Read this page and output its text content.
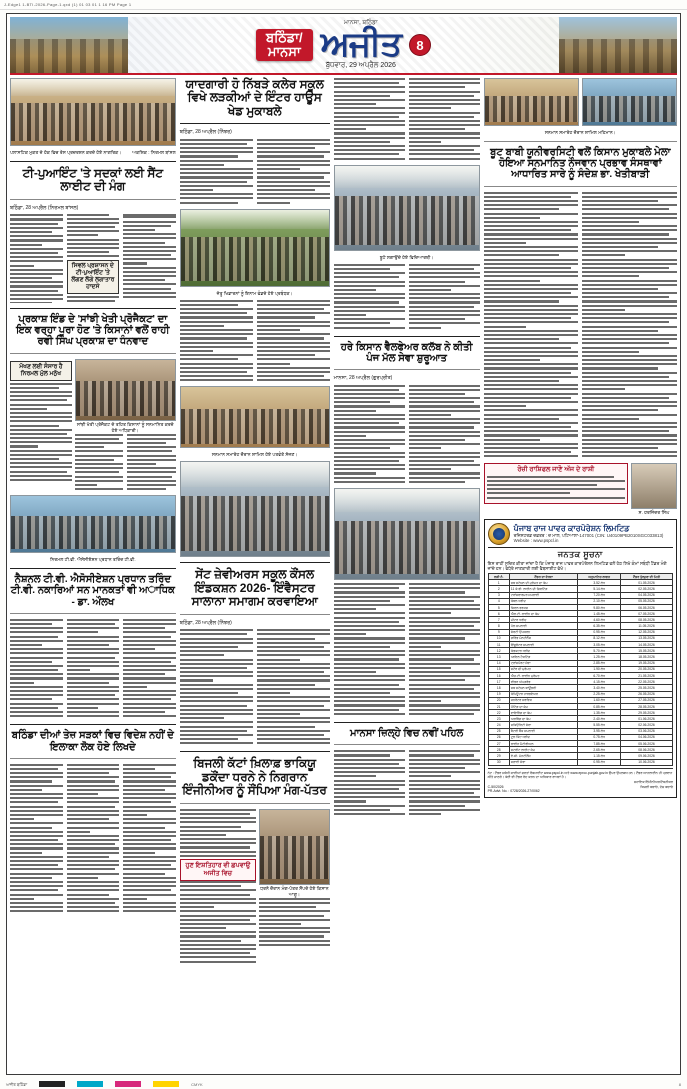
J-Edge1 1-BTI-2026-Page-1.qxd (1) 01 03 01 1 16 PM Page 1
ਬਠਿੰਡਾ/
ਮਾਨਸਾ
ਮਾਨਸਾ, ਬਠਿੰਡਾ
ਅਜੀਤ
ਬੁੱਧਵਾਰ, 29 ਅਪ੍ਰੈਲ 2026
8
ਪਲਾਸਟਿਕ ਮੁਕਤ ਦੇ ਹੱਕ ਵਿਚ ਰੋਸ ਪ੍ਰਦਰਸ਼ਨ ਕਰਦੇ ਹੋਏ ਨਾਗਰਿਕ।	ਅਕਸ਼ਿਕ : ਨਿਰਮਲ ਬਾਂਸਲ
ਟੀ-ਪੁਆਇੰਟ 'ਤੇ ਸਦਕਾਂ ਲਈ ਸੈਂਟ ਲਾਈਟ ਦੀ ਮੰਗ
ਬਠਿੰਡਾ, 28 ਅਪ੍ਰੈਲ (ਨਿਰਮਲ ਬਾਂਸਲ)
ਸਿਵਲ ਪ੍ਰਸ਼ਾਸਨ ਦੇ ਟੀ-ਪੁਆਇੰਟ 'ਤੇ ਲੱਗਣ ਲੱਗੇ ਲਗਾਤਾਰ ਹਾਦਸੇ
ਪ੍ਰਕਾਸ਼ ਇੰਡ ਦੇ 'ਸਾਂਝੀ ਖੇਤੀ ਪ੍ਰੋਜੈਕਟ' ਦਾ ਇਕ ਵਰ੍ਹਾ ਪੂਰਾ ਹੋਣ 'ਤੇ ਕਿਸਾਨਾਂ ਵਲੋਂ ਰਾਹੀ ਰਵੀ ਸਿੰਘ ਪ੍ਰਕਾਸ਼ ਦਾ ਧੰਨਵਾਦ
ਮੱਖਣ ਲਈ ਸੰਸਾਰ ਹੈ ਨਿਰਮਲ ਮੁੱਲ ਮਨੁੱਖ
ਸਾਂਝੀ ਖੇਤੀ ਪ੍ਰੋਜੈਕਟ ਦੇ ਤਹਿਤ ਕਿਸਾਨਾਂ ਨੂੰ ਸਨਮਾਨਿਤ ਕਰਦੇ ਹੋਏ ਅਧਿਕਾਰੀ।
ਨਿਰਮਲ ਟੀ.ਵੀ. ਐਸੋਸੀਏਸ਼ਨ ਪ੍ਰਧਾਨ ਤਰਿੰਦ ਟੀ.ਵੀ.
ਨੈਸ਼ਨਲ ਟੀ.ਵੀ. ਐਸੋਸੀਏਸ਼ਨ ਪ੍ਰਧਾਨ ਤਰਿੰਦ ਟੀ.ਵੀ. ਨਕਾਰਿਆਂ ਸਨ ਮਾਨਕਤਾਂ ਵੀ ਅਾਧਿਕ - ਡਾ. ਔਲਖ
ਬਠਿੰਡਾ ਦੀਆਂ ਤੇਜ਼ ਸੜਕਾਂ ਵਿਚ ਵਿਦੇਸ਼ ਨਹੀਂ ਦੇ ਇਲਾਕਾ ਲੋਕ ਹੋਏ ਲਿਖਦੇ
ਯਾਦਗਾਰੀ ਹੋ ਨਿੱਬੜੇ ਕਲੇਰ ਸਕੂਲ ਵਿਖੇ ਲੜਕੀਆਂ ਦੇ ਇੰਟਰ ਹਾਊਸ ਖੇਡ ਮੁਕਾਬਲੇ
ਬਠਿੰਡਾ, 28 ਅਪ੍ਰੈਲ (ਨਿੱਝਰ)
ਜੇਤੂ ਖਿਡਾਰਨਾਂ ਨੂੰ ਇਨਾਮ ਵੰਡਦੇ ਹੋਏ ਪ੍ਰਬੰਧਕ।
ਸਨਮਾਨ ਸਮਾਰੋਹ ਦੌਰਾਨ ਸ਼ਾਮਿਲ ਹੋਏ ਪਤਵੰਤੇ ਸੱਜਣ।
ਸੇਂਟ ਜ਼ੇਵੀਅਰਸ ਸਕੂਲ ਕੌਂਸਲ ਇੰਡਕਸ਼ਨ 2026- ਇੰਵੈਸਟਰ ਸਾਲਾਨਾ ਸਮਾਗਮ ਕਰਵਾਇਆ
ਬਠਿੰਡਾ, 28 ਅਪ੍ਰੈਲ (ਨਿੱਝਰ)
ਬਿਜਲੀ ਕੱਟਾਂ ਖ਼ਿਲਾਫ਼ ਭਾਕਿਯੂ ਡਕੌਂਦਾ ਧਰਨੇ ਨੇ ਨਿਗਰਾਨ ਇੰਜੀਨੀਅਰ ਨੂੰ ਸੌਂਪਿਆ ਮੰਗ-ਪੱਤਰ
ਹੁਣ ਇਸ਼ਤਿਹਾਰ ਵੀ ਛਪਵਾਉ ਅਜੀਤ ਵਿਚ
ਧਰਨੇ ਦੌਰਾਨ ਮੰਗ-ਪੱਤਰ ਸੌਂਪਦੇ ਹੋਏ ਕਿਸਾਨ ਆਗੂ।
ਬੂਟੇ ਲਗਾਉਂਦੇ ਹੋਏ ਵਿਦਿਆਰਥੀ।
ਹਰੇ ਕਿਸਾਨ ਵੈਲਫੇਅਰ ਕਲੱਬ ਨੇ ਕੀਤੀ ਪੰਜ ਮੱਲ ਸੇਵਾ ਸ਼ੁਰੂਆਤ
ਮਾਨਸਾ, 28 ਅਪ੍ਰੈਲ (ਗੁਰਪ੍ਰੀਤ)
ਮਾਨਸਾ ਜ਼ਿਲ੍ਹੇ ਵਿਚ ਨਵੀਂ ਪਹਿਲ
ਸਨਮਾਨ ਸਮਾਰੋਹ ਦੌਰਾਨ ਸ਼ਾਮਿਲ ਮਹਿਮਾਨ।
ਬੂਟ ਬਾਬੀ ਯੂਨੀਵਰਸਿਟੀ ਵਲੋਂ ਕਿਸਾਨ ਮੁਕਾਬਲੇ ਮੇਲਾ ਹੋਇਆ ਸਨਮਾਨਿਤ ਨੌਜਵਾਨ ਪ੍ਰਭਾਵ ਸੰਸਥਾਵਾਂ ਆਧਾਰਿਤ ਸਾਰੇ ਨੂੰ ਸੰਦੇਸ਼ ਭਾ. ਖੇਤੀਬਾੜੀ
ਰੋਜ਼ੀ ਰਾਸ਼ਿਫਲ ਜਾਣੋ ਅੱਜ ਦੇ ਰਾਸ਼ੀ
ਸ. ਹਰਜਿੰਦਰ ਸਿੰਘ
ਪੰਜਾਬ ਰਾਜ ਪਾਵਰ ਕਾਰਪੋਰੇਸ਼ਨ ਲਿਮਟਿਡ
ਰਜਿਸਟਰਡ ਦਫ਼ਤਰ : ਦ ਮਾਲ, ਪਟਿਆਲਾ-147001 (CIN: U40109PB2010SGC033813)
Website : www.pspcl.in
ਜਨਤਕ ਸੂਚਨਾ
ਇਸ ਰਾਹੀਂ ਸੂਚਿਤ ਕੀਤਾ ਜਾਂਦਾ ਹੈ ਕਿ ਪੰਜਾਬ ਰਾਜ ਪਾਵਰ ਕਾਰਪੋਰੇਸ਼ਨ ਲਿਮਟਿਡ ਵਲੋਂ ਹੇਠ ਲਿਖੇ ਕੰਮਾਂ ਸਬੰਧੀ ਟੈਂਡਰ ਮੰਗੇ ਜਾਂਦੇ ਹਨ। ਵਧੇਰੇ ਜਾਣਕਾਰੀ ਲਈ ਵੈਬਸਾਈਟ ਵੇਖੋ।
ਲੜੀ ਨੰ.	ਟੈਂਡਰ ਦਾ ਵੇਰਵਾ	ਅਨੁਮਾਨਿਤ ਲਾਗਤ	ਟੈਂਡਰ ਖੁੱਲ੍ਹਣ ਦੀ ਮਿਤੀ
1	ਸਬ ਸਟੇਸ਼ਨ ਦੀ ਮੁਰੰਮਤ ਦਾ ਕੰਮ	3.52 ਲੱਖ	01.05.2026
2	11 ਕੇ.ਵੀ. ਲਾਈਨ ਦੀ ਸ਼ਿਫਟਿੰਗ	5.14 ਲੱਖ	02.05.2026
3	ਟਰਾਂਸਫਾਰਮਰ ਸਪਲਾਈ	7.20 ਲੱਖ	04.05.2026
4	ਕੇਬਲ ਖਰੀਦ	2.10 ਲੱਖ	05.05.2026
5	ਸਿਵਲ ਵਰਕਸ	9.80 ਲੱਖ	06.05.2026
6	ਐਲ.ਟੀ. ਲਾਈਨ ਦਾ ਕੰਮ	1.45 ਲੱਖ	07.05.2026
7	ਮੀਟਰ ਖਰੀਦ	4.60 ਲੱਖ	08.05.2026
8	ਪੋਲ ਸਪਲਾਈ	6.35 ਲੱਖ	11.05.2026
9	ਸੇਫਟੀ ਉਪਕਰਨ	0.95 ਲੱਖ	12.05.2026
10	ਗਰਿੱਡ ਮੇਨਟੀਨੈਂਸ	8.12 ਲੱਖ	13.05.2026
11	ਇੰਸੂਲੇਟਰ ਸਪਲਾਈ	3.05 ਲੱਖ	14.05.2026
12	ਕੰਡਕਟਰ ਖਰੀਦ	5.70 ਲੱਖ	15.05.2026
13	ਆਇਲ ਟੈਸਟਿੰਗ	1.25 ਲੱਖ	18.05.2026
14	ਟ੍ਰਾਂਸਪੋਰਟ ਸੇਵਾ	2.85 ਲੱਖ	19.05.2026
15	ਸਟੋਰ ਦੀ ਮੁਰੰਮਤ	1.90 ਲੱਖ	20.05.2026
16	ਐਚ.ਟੀ. ਲਾਈਨ ਮੁਰੰਮਤ	6.70 ਲੱਖ	21.05.2026
17	ਫੀਡਰ ਅੱਪਗਰੇਡ	4.15 ਲੱਖ	22.05.2026
18	ਸਬ ਸਟੇਸ਼ਨ ਬਾਊਂਡਰੀ	3.40 ਲੱਖ	25.05.2026
19	ਕੰਪਿਊਟਰ ਹਾਰਡਵੇਅਰ	2.25 ਲੱਖ	26.05.2026
20	ਜਨਰੇਟਰ ਸਰਵਿਸ	1.60 ਲੱਖ	27.05.2026
21	ਪੇਂਟਿੰਗ ਦਾ ਕੰਮ	0.85 ਲੱਖ	28.05.2026
22	ਵਾਇਰਿੰਗ ਦਾ ਕੰਮ	1.35 ਲੱਖ	29.05.2026
23	ਅਰਥਿੰਗ ਦਾ ਕੰਮ	2.40 ਲੱਖ	01.06.2026
24	ਸਕਿਉਰਿਟੀ ਸੇਵਾ	5.55 ਲੱਖ	02.06.2026
25	ਬੈਟਰੀ ਬੈਂਕ ਸਪਲਾਈ	3.95 ਲੱਖ	03.06.2026
26	ਟੂਲ ਕਿੱਟ ਖਰੀਦ	0.75 ਲੱਖ	04.06.2026
27	ਲਾਈਨ ਮੈਟੀਰੀਅਲ	7.85 ਲੱਖ	05.06.2026
28	ਸਟਰੀਟ ਲਾਈਟ ਕੰਮ	2.65 ਲੱਖ	08.06.2026
29	ਏ.ਸੀ. ਮੇਨਟੀਨੈਂਸ	1.15 ਲੱਖ	09.06.2026
30	ਸਫ਼ਾਈ ਸੇਵਾ	0.95 ਲੱਖ	10.06.2026
ਨੋਟ : ਟੈਂਡਰ ਸਬੰਧੀ ਸਾਰੀਆਂ ਸ਼ਰਤਾਂ ਵੈਬਸਾਈਟ www.pspcl.in ਅਤੇ www.eproc.punjab.gov.in ਉਪਰ ਉਪਲਬਧ ਹਨ। ਟੈਂਡਰ ਆਨਲਾਈਨ ਹੀ ਪ੍ਰਵਾਨ ਕੀਤੇ ਜਾਣਗੇ। ਕੋਈ ਵੀ ਟੈਂਡਰ ਰੱਦ ਕਰਨ ਦਾ ਅਧਿਕਾਰ ਰਾਖਵਾਂ ਹੈ।
ਸਹਾਇਕ ਇੰਜੀਨੀਅਰ/ਟੈਕਨੀਕਲ
C-50/2026	ਬਿਜਲੀ ਬਚਾਓ, ਦੇਸ਼ ਬਚਾਓ
PR-Advt. No. : 0728/2026-27/0062
ਅਜੀਤ ਬਠਿੰਡਾ	CMYK	8
